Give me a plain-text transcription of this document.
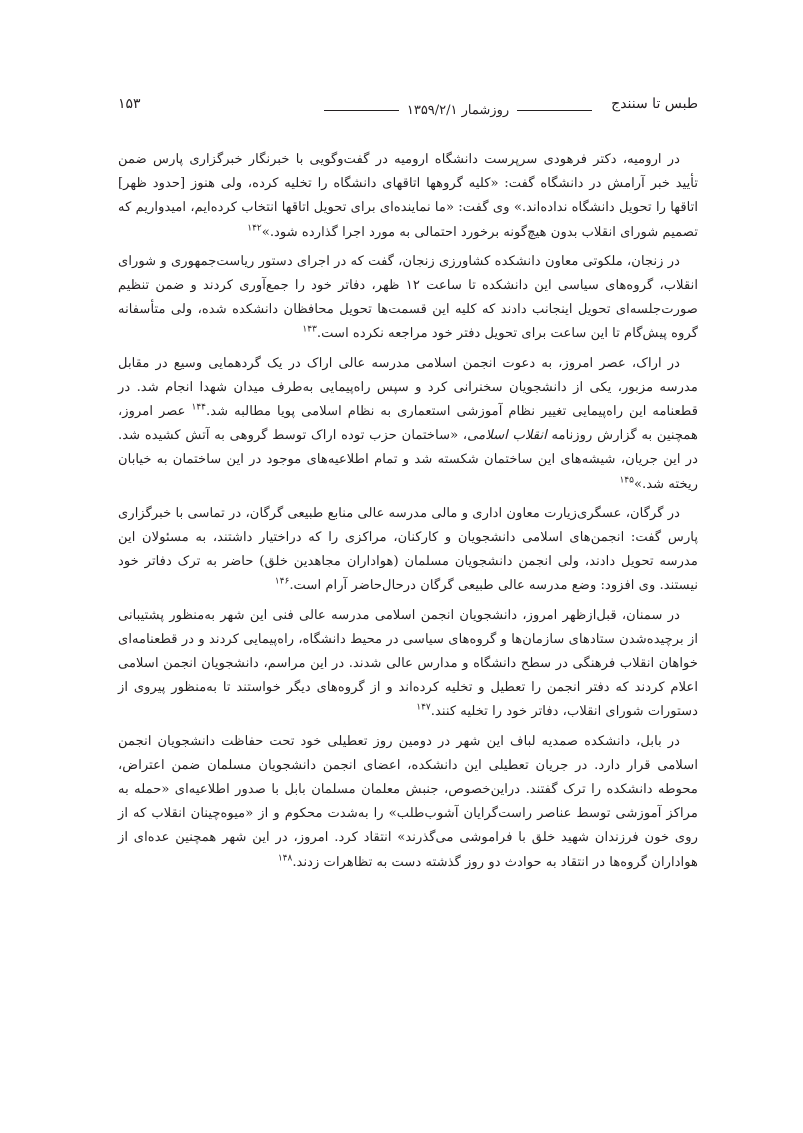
طبس تا سنندج
روزشمار ۱۳۵۹/۲/۱
۱۵۳

در ارومیه، دکتر فرهودی سرپرست دانشگاه ارومیه در گفت‌وگویی با خبرنگار خبرگزاری پارس ضمن تأیید خبر آرامش در دانشگاه گفت: «کلیه گروهها اتاقهای دانشگاه را تخلیه کرده، ولی هنوز [حدود ظهر] اتاقها را تحویل دانشگاه نداده‌اند.» وی گفت: «ما نماینده‌ای برای تحویل اتاقها انتخاب کرده‌ایم، امیدواریم که تصمیم شورای انقلاب بدون هیچ‌گونه برخورد احتمالی به مورد اجرا گذارده شود.»$^{۱۴۲}$

در زنجان، ملکوتی معاون دانشکده کشاورزی زنجان، گفت که در اجرای دستور ریاست‌جمهوری و شورای انقلاب، گروه‌های سیاسی این دانشکده تا ساعت ۱۲ ظهر، دفاتر خود را جمع‌آوری کردند و ضمن تنظیم صورت‌جلسه‌ای تحویل اینجانب دادند که کلیه این قسمت‌ها تحویل محافظان دانشکده شده، ولی متأسفانه گروه پیش‌گام تا این ساعت برای تحویل دفتر خود مراجعه نکرده است.$^{۱۴۳}$

در اراک، عصر امروز، به دعوت انجمن اسلامی مدرسه عالی اراک در یک گردهمایی وسیع در مقابل مدرسه مزبور، یکی از دانشجویان سخنرانی کرد و سپس راه‌پیمایی به‌طرف میدان شهدا انجام شد. در قطعنامه این راه‌پیمایی تغییر نظام آموزشی استعماری به نظام اسلامی پویا مطالبه شد.$^{۱۴۴}$ عصر امروز، همچنین به گزارش روزنامه انقلاب اسلامی، «ساختمان حزب توده اراک توسط گروهی به آتش کشیده شد. در این جریان، شیشه‌های این ساختمان شکسته شد و تمام اطلاعیه‌های موجود در این ساختمان به خیابان ریخته شد.»$^{۱۴۵}$

در گرگان، عسگری‌زیارت معاون اداری و مالی مدرسه عالی منابع طبیعی گرگان، در تماسی با خبرگزاری پارس گفت: انجمن‌های اسلامی دانشجویان و کارکنان، مراکزی را که دراختیار داشتند، به مسئولان این مدرسه تحویل دادند، ولی انجمن دانشجویان مسلمان (هواداران مجاهدین خلق) حاضر به ترک دفاتر خود نیستند. وی افزود: وضع مدرسه عالی طبیعی گرگان درحال‌حاضر آرام است.$^{۱۴۶}$

در سمنان، قبل‌ازظهر امروز، دانشجویان انجمن اسلامی مدرسه عالی فنی این شهر به‌منظور پشتیبانی از برچیده‌شدن ستادهای سازمان‌ها و گروه‌های سیاسی در محیط دانشگاه، راه‌پیمایی کردند و در قطعنامه‌ای خواهان انقلاب فرهنگی در سطح دانشگاه و مدارس عالی شدند. در این مراسم، دانشجویان انجمن اسلامی اعلام کردند که دفتر انجمن را تعطیل و تخلیه کرده‌اند و از گروه‌های دیگر خواستند تا به‌منظور پیروی از دستورات شورای انقلاب، دفاتر خود را تخلیه کنند.$^{۱۴۷}$

در بابل، دانشکده صمدیه لباف این شهر در دومین روز تعطیلی خود تحت حفاظت دانشجویان انجمن اسلامی قرار دارد. در جریان تعطیلی این دانشکده، اعضای انجمن دانشجویان مسلمان ضمن اعتراض، محوطه دانشکده را ترک گفتند. دراین‌خصوص، جنبش معلمان مسلمان بابل با صدور اطلاعیه‌ای «حمله به مراکز آموزشی توسط عناصر راست‌گرایان آشوب‌طلب» را به‌شدت محکوم و از «میوه‌چینان انقلاب که از روی خون فرزندان شهید خلق با فراموشی می‌گذرند» انتقاد کرد. امروز، در این شهر همچنین عده‌ای از هواداران گروه‌ها در انتقاد به حوادث دو روز گذشته دست به تظاهرات زدند.$^{۱۴۸}$
